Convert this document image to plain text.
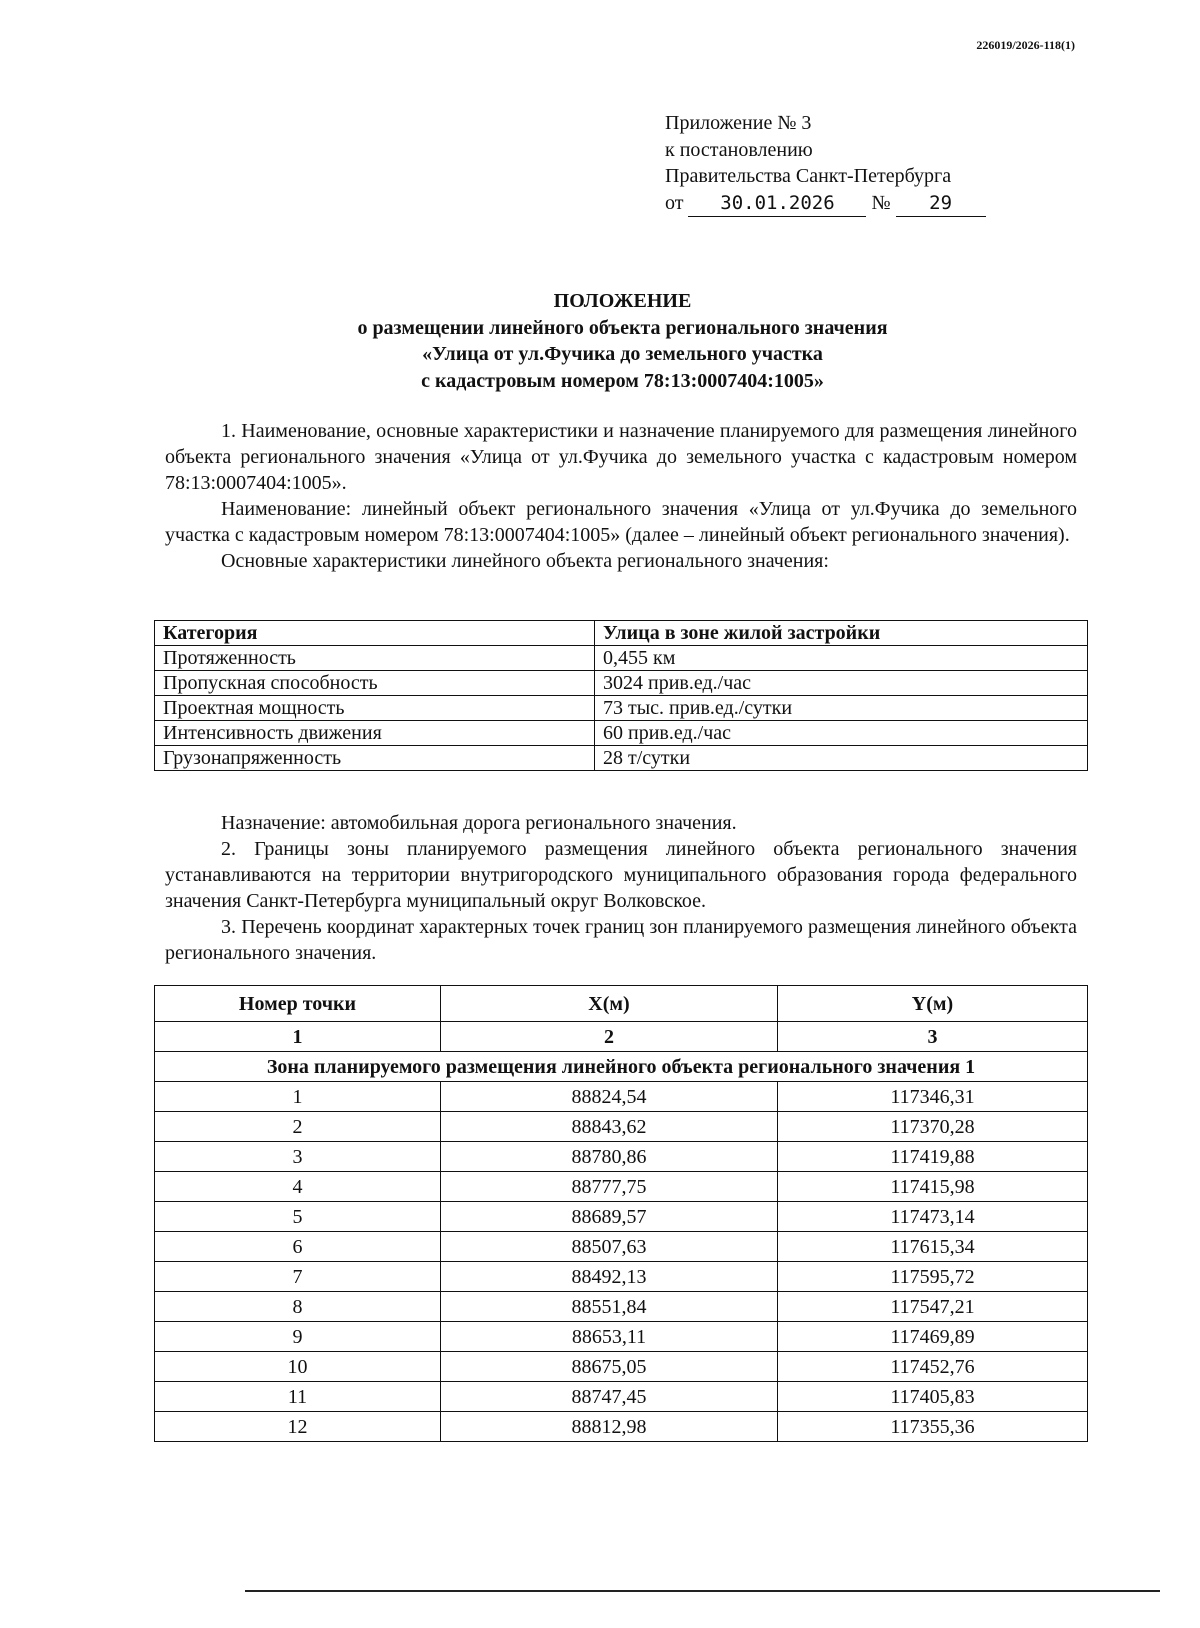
226019/2026-118(1)
Приложение № 3
к постановлению
Правительства Санкт-Петербурга
от 30.01.2026 № 29
ПОЛОЖЕНИЕ
о размещении линейного объекта регионального значения
«Улица от ул.Фучика до земельного участка
с кадастровым номером 78:13:0007404:1005»

1. Наименование, основные характеристики и назначение планируемого для размещения линейного объекта регионального значения «Улица от ул.Фучика до земельного участка с кадастровым номером 78:13:0007404:1005».

Наименование: линейный объект регионального значения «Улица от ул.Фучика до земельного участка с кадастровым номером 78:13:0007404:1005» (далее – линейный объект регионального значения).

Основные характеристики линейного объекта регионального значения:

Категория	Улица в зоне жилой застройки
Протяженность	0,455 км
Пропускная способность	3024 прив.ед./час
Проектная мощность	73 тыс. прив.ед./сутки
Интенсивность движения	60 прив.ед./час
Грузонапряженность	28 т/сутки

Назначение: автомобильная дорога регионального значения.

2. Границы зоны планируемого размещения линейного объекта регионального значения устанавливаются на территории внутригородского муниципального образования города федерального значения Санкт-Петербурга муниципальный округ Волковское.

3. Перечень координат характерных точек границ зон планируемого размещения линейного объекта регионального значения.

Номер точки	X(м)	Y(м)
1	2	3
Зона планируемого размещения линейного объекта регионального значения 1		
1	88824,54	117346,31
2	88843,62	117370,28
3	88780,86	117419,88
4	88777,75	117415,98
5	88689,57	117473,14
6	88507,63	117615,34
7	88492,13	117595,72
8	88551,84	117547,21
9	88653,11	117469,89
10	88675,05	117452,76
11	88747,45	117405,83
12	88812,98	117355,36
